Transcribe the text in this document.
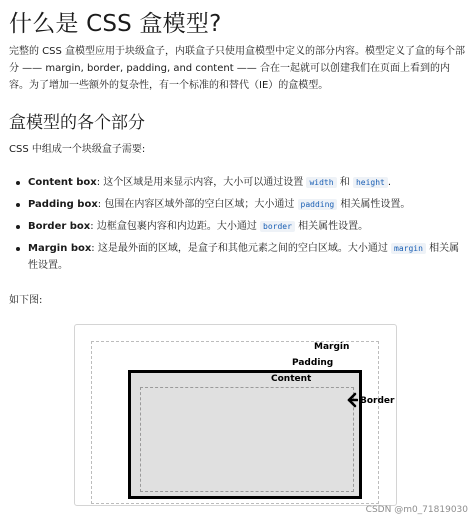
什么是 CSS 盒模型?

完整的 CSS 盒模型应用于块级盒子，内联盒子只使用盒模型中定义的部分内容。模型定义了盒的每个部分 —— margin, border, padding, and content —— 合在一起就可以创建我们在页面上看到的内容。为了增加一些额外的复杂性，有一个标准的和替代（IE）的盒模型。

盒模型的各个部分

CSS 中组成一个块级盒子需要:

Content box: 这个区域是用来显示内容，大小可以通过设置 width 和 height .
Padding box: 包围在内容区域外部的空白区域；大小通过 padding 相关属性设置。
Border box: 边框盒包裹内容和内边距。大小通过 border 相关属性设置。
Margin box: 这是最外面的区域，是盒子和其他元素之间的空白区域。大小通过 margin 相关属性设置。

如下图:

Margin
Padding
Content
Border
CSDN @m0_71819030
